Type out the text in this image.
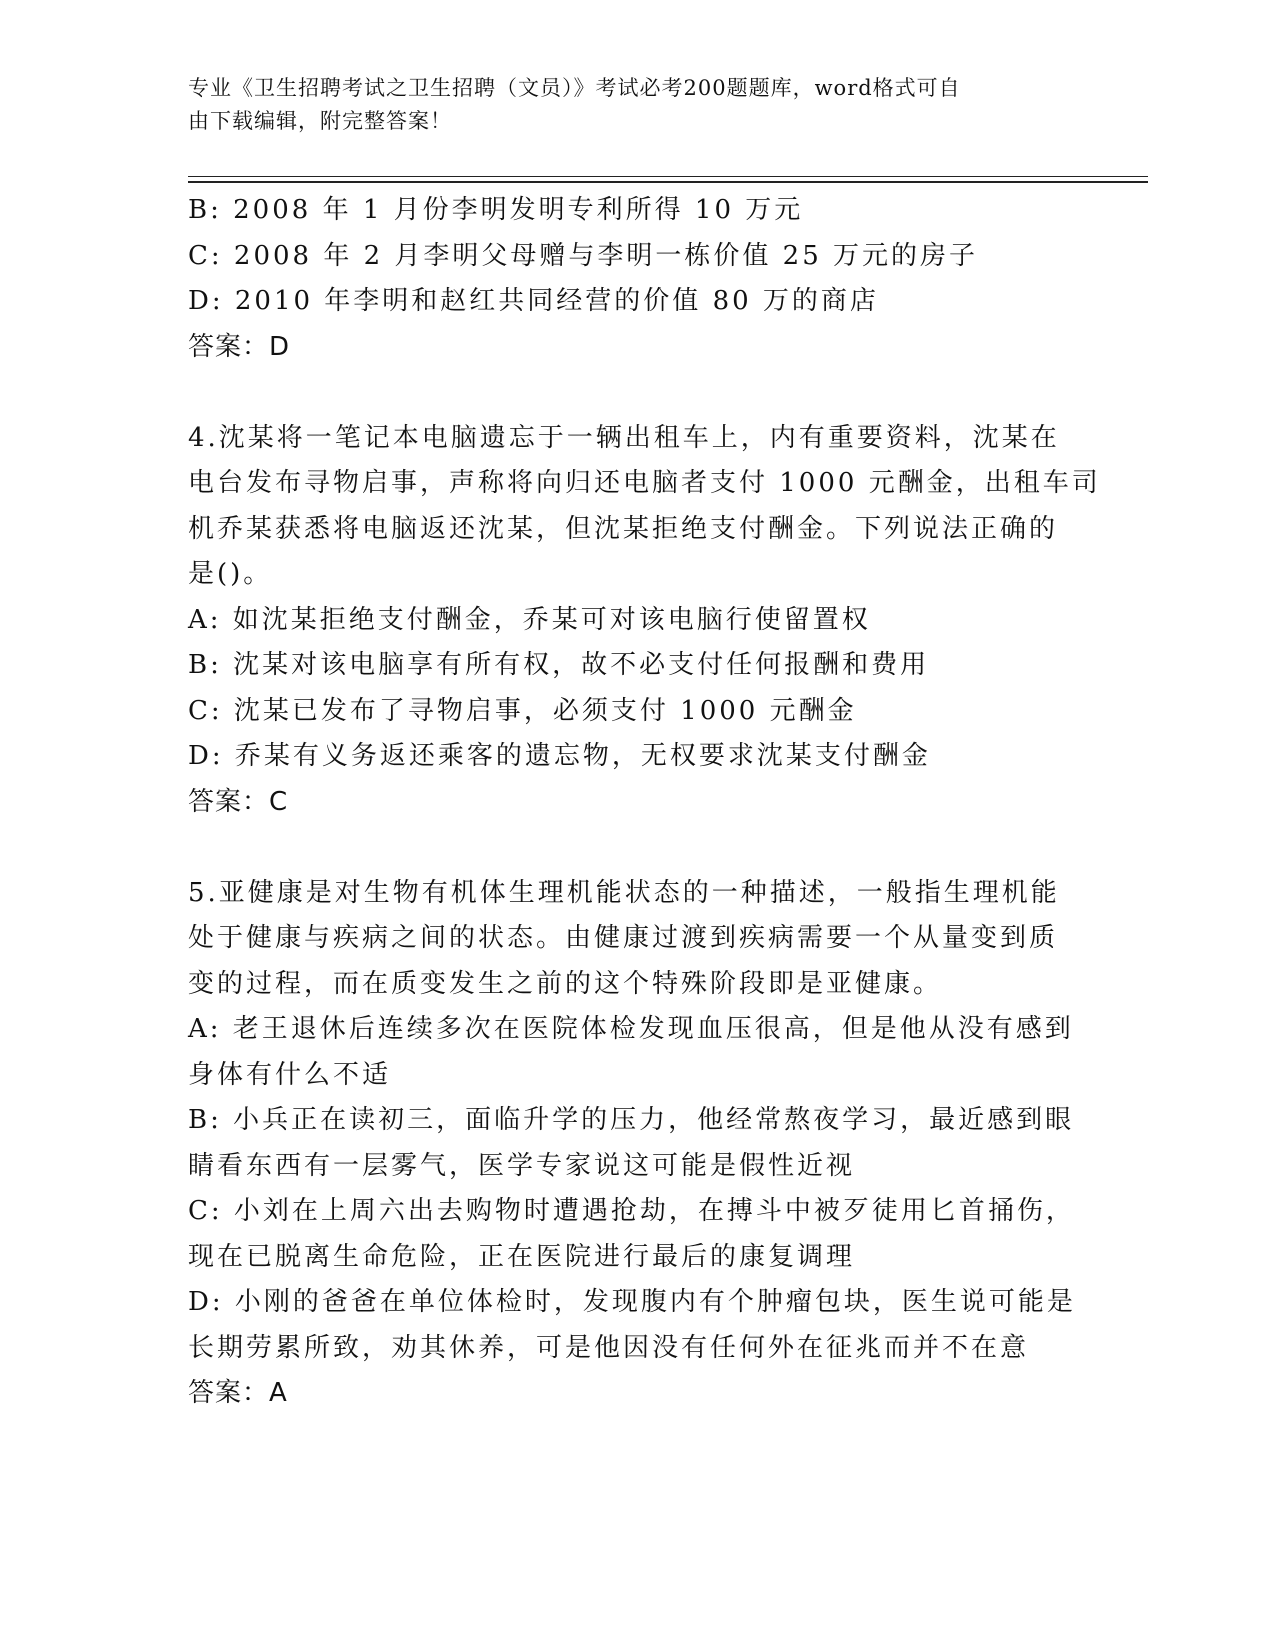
专业《卫生招聘考试之卫生招聘（文员）》考试必考200题题库，word格式可自
由下载编辑，附完整答案！
B: 2008 年 1 月份李明发明专利所得 10 万元
C: 2008 年 2 月李明父母赠与李明一栋价值 25 万元的房子
D: 2010 年李明和赵红共同经营的价值 80 万的商店
答案：D
4.沈某将一笔记本电脑遗忘于一辆出租车上，内有重要资料，沈某在
电台发布寻物启事，声称将向归还电脑者支付 1000 元酬金，出租车司
机乔某获悉将电脑返还沈某，但沈某拒绝支付酬金。下列说法正确的
是()。
A: 如沈某拒绝支付酬金，乔某可对该电脑行使留置权
B: 沈某对该电脑享有所有权，故不必支付任何报酬和费用
C: 沈某已发布了寻物启事，必须支付 1000 元酬金
D: 乔某有义务返还乘客的遗忘物，无权要求沈某支付酬金
答案：C
5.亚健康是对生物有机体生理机能状态的一种描述，一般指生理机能
处于健康与疾病之间的状态。由健康过渡到疾病需要一个从量变到质
变的过程，而在质变发生之前的这个特殊阶段即是亚健康。
A: 老王退休后连续多次在医院体检发现血压很高，但是他从没有感到
身体有什么不适
B: 小兵正在读初三，面临升学的压力，他经常熬夜学习，最近感到眼
睛看东西有一层雾气，医学专家说这可能是假性近视
C: 小刘在上周六出去购物时遭遇抢劫，在搏斗中被歹徒用匕首捅伤，
现在已脱离生命危险，正在医院进行最后的康复调理
D: 小刚的爸爸在单位体检时，发现腹内有个肿瘤包块，医生说可能是
长期劳累所致，劝其休养，可是他因没有任何外在征兆而并不在意
答案：A
